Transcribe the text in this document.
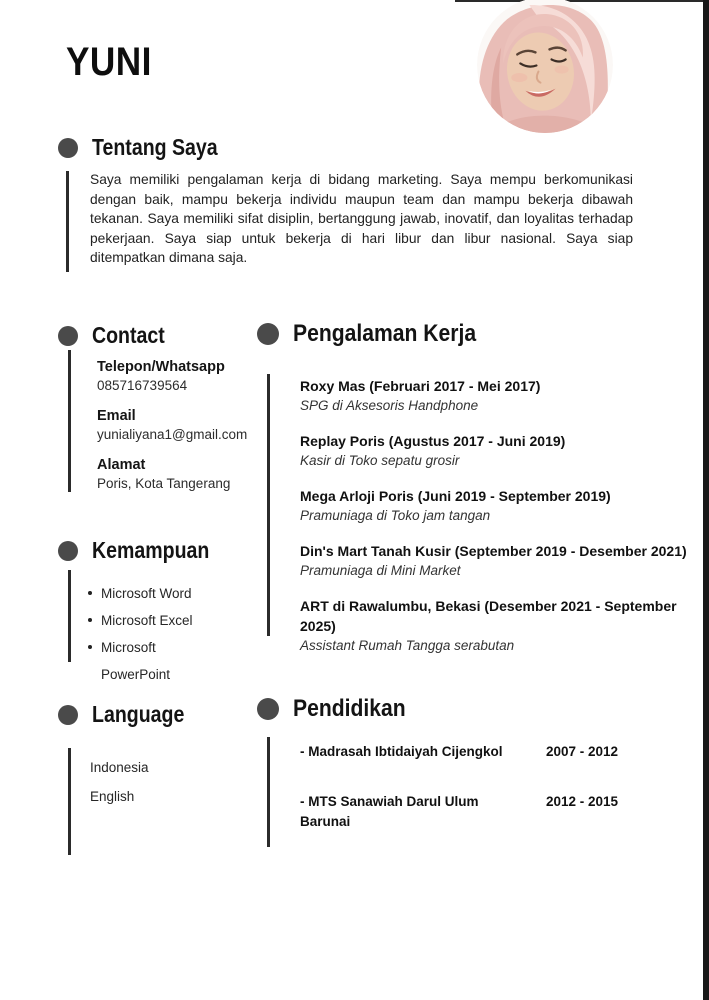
YUNI
Tentang Saya

Saya memiliki pengalaman kerja di bidang marketing. Saya mempu berkomunikasi dengan baik, mampu bekerja individu maupun team dan mampu bekerja dibawah tekanan. Saya memiliki sifat disiplin, bertanggung jawab, inovatif, dan loyalitas terhadap pekerjaan. Saya siap untuk bekerja di hari libur dan libur nasional. Saya siap ditempatkan dimana saja.

Contact
Telepon/Whatsapp
085716739564
Email
yunialiyana1@gmail.com
Alamat
Poris, Kota Tangerang
Kemampuan
Microsoft Word
Microsoft Excel
Microsoft PowerPoint
Language
Indonesia
English
Pengalaman Kerja
Roxy Mas (Februari 2017 - Mei 2017)
SPG di Aksesoris Handphone
Replay Poris (Agustus 2017 - Juni 2019)
Kasir di Toko sepatu grosir
Mega Arloji Poris (Juni 2019 - September 2019)
Pramuniaga di Toko jam tangan
Din's Mart Tanah Kusir (September 2019 - Desember 2021)
Pramuniaga di Mini Market
ART di Rawalumbu, Bekasi (Desember 2021 - September 2025)
Assistant Rumah Tangga serabutan
Pendidikan
- Madrasah Ibtidaiyah Cijengkol	2007 - 2012
- MTS Sanawiah Darul Ulum Barunai
2012 - 2015
